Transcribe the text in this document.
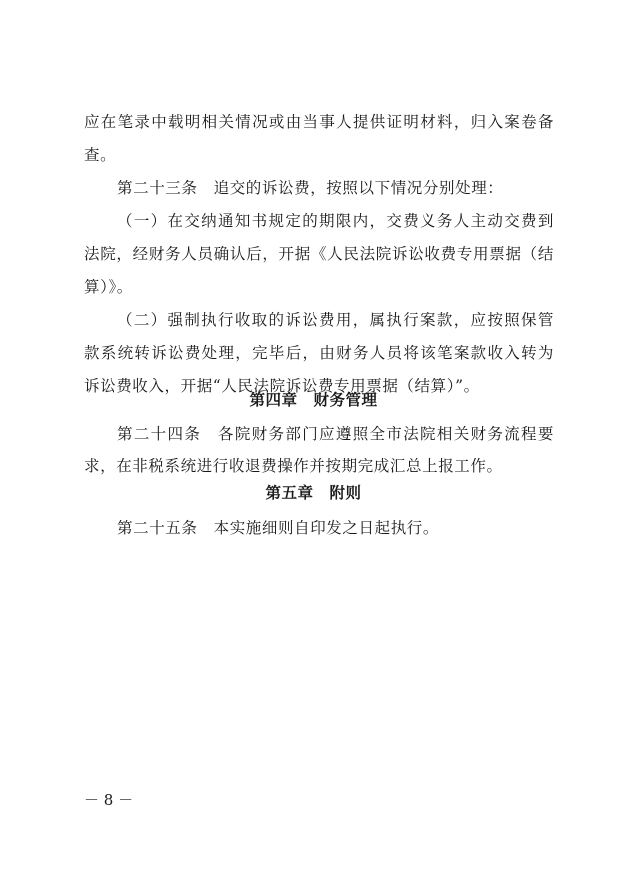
应在笔录中载明相关情况或由当事人提供证明材料，归入案卷备
查。
第二十三条　追交的诉讼费，按照以下情况分别处理：
（一）在交纳通知书规定的期限内，交费义务人主动交费到
法院，经财务人员确认后，开据《人民法院诉讼收费专用票据（结
算）》。
（二）强制执行收取的诉讼费用，属执行案款，应按照保管
款系统转诉讼费处理，完毕后，由财务人员将该笔案款收入转为
诉讼费收入，开据“人民法院诉讼费专用票据（结算）”。
第四章　财务管理
第二十四条　各院财务部门应遵照全市法院相关财务流程要
求，在非税系统进行收退费操作并按期完成汇总上报工作。
第五章　附则
第二十五条　本实施细则自印发之日起执行。
－ 8 －
